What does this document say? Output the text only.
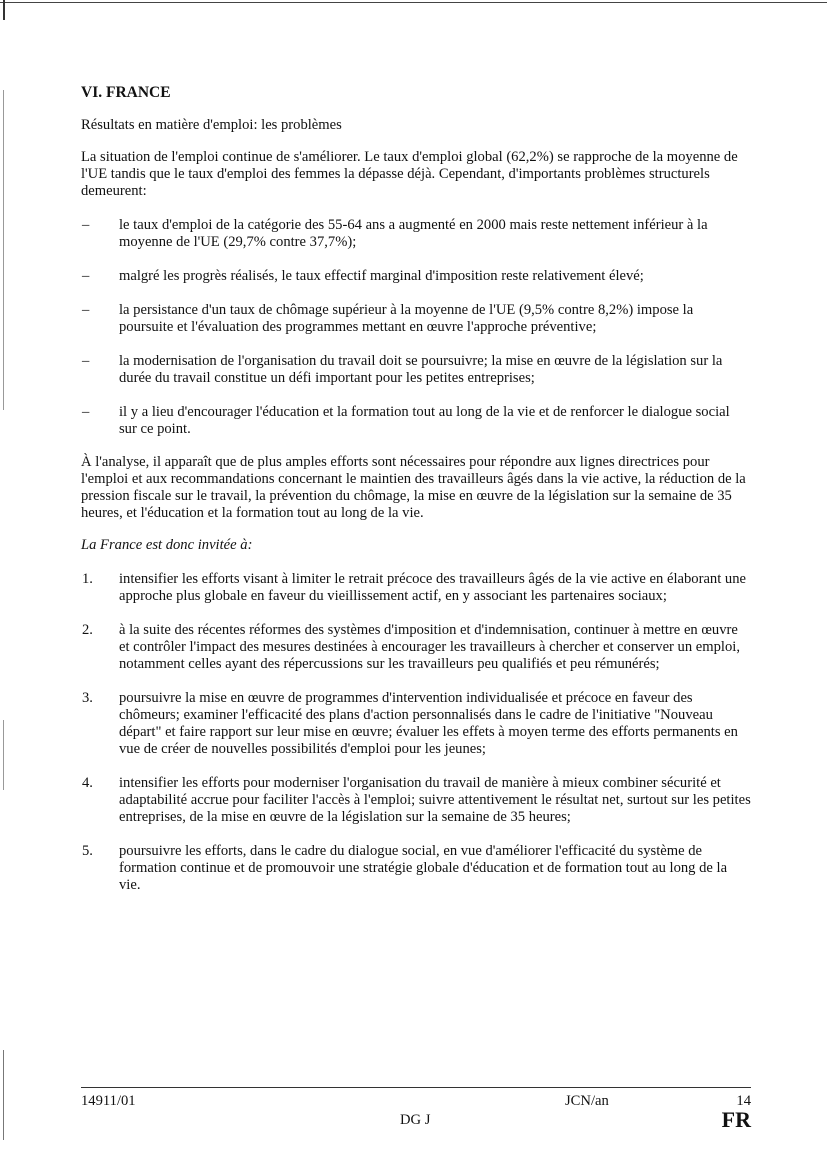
VI. FRANCE

Résultats en matière d'emploi: les problèmes

La situation de l'emploi continue de s'améliorer. Le taux d'emploi global (62,2%) se rapproche de la moyenne de l'UE tandis que le taux d'emploi des femmes la dépasse déjà. Cependant, d'importants problèmes structurels demeurent:

– le taux d'emploi de la catégorie des 55-64 ans a augmenté en 2000 mais reste nettement inférieur à la moyenne de l'UE (29,7% contre 37,7%);
– malgré les progrès réalisés, le taux effectif marginal d'imposition reste relativement élevé;
– la persistance d'un taux de chômage supérieur à la moyenne de l'UE (9,5% contre 8,2%) impose la poursuite et l'évaluation des programmes mettant en œuvre l'approche préventive;
– la modernisation de l'organisation du travail doit se poursuivre; la mise en œuvre de la législation sur la durée du travail constitue un défi important pour les petites entreprises;
– il y a lieu d'encourager l'éducation et la formation tout au long de la vie et de renforcer le dialogue social sur ce point.

À l'analyse, il apparaît que de plus amples efforts sont nécessaires pour répondre aux lignes directrices pour l'emploi et aux recommandations concernant le maintien des travailleurs âgés dans la vie active, la réduction de la pression fiscale sur le travail, la prévention du chômage, la mise en œuvre de la législation sur la semaine de 35 heures, et l'éducation et la formation tout au long de la vie.

La France est donc invitée à:

1. intensifier les efforts visant à limiter le retrait précoce des travailleurs âgés de la vie active en élaborant une approche plus globale en faveur du vieillissement actif, en y associant les partenaires sociaux;
2. à la suite des récentes réformes des systèmes d'imposition et d'indemnisation, continuer à mettre en œuvre et contrôler l'impact des mesures destinées à encourager les travailleurs à chercher et conserver un emploi, notamment celles ayant des répercussions sur les travailleurs peu qualifiés et peu rémunérés;
3. poursuivre la mise en œuvre de programmes d'intervention individualisée et précoce en faveur des chômeurs; examiner l'efficacité des plans d'action personnalisés dans le cadre de l'initiative "Nouveau départ" et faire rapport sur leur mise en œuvre; évaluer les effets à moyen terme des efforts permanents en vue de créer de nouvelles possibilités d'emploi pour les jeunes;
4. intensifier les efforts pour moderniser l'organisation du travail de manière à mieux combiner sécurité et adaptabilité accrue pour faciliter l'accès à l'emploi; suivre attentivement le résultat net, surtout sur les petites entreprises, de la mise en œuvre de la législation sur la semaine de 35 heures;
5. poursuivre les efforts, dans le cadre du dialogue social, en vue d'améliorer l'efficacité du système de formation continue et de promouvoir une stratégie globale d'éducation et de formation tout au long de la vie.
14911/01	JCN/an	14
DG J	FR
